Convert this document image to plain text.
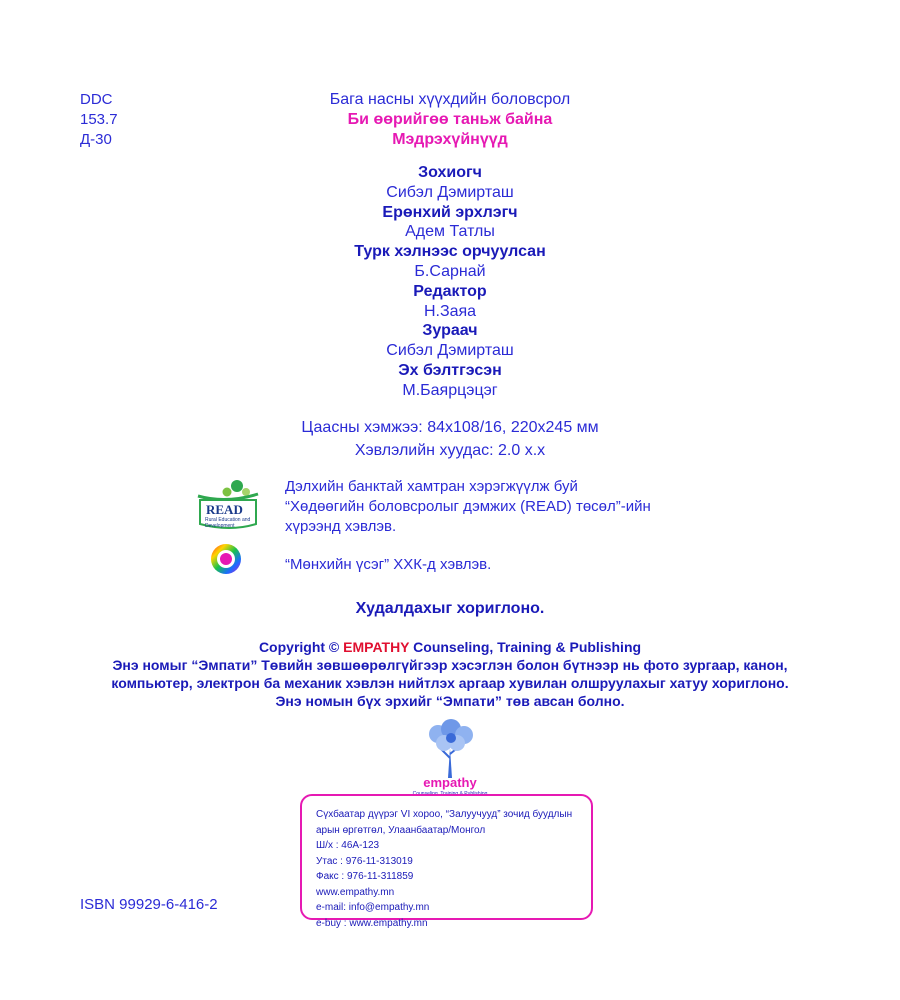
DDC
153.7
Д-30
Бага насны хүүхдийн боловсрол
Би өөрийгөө таньж байна
Мэдрэхүйнүүд
Зохиогч
Сибэл Дэмирташ
Ерөнхий эрхлэгч
Адем Татлы
Турк хэлнээс орчуулсан
Б.Сарнай
Редактор
Н.Заяа
Зураач
Сибэл Дэмирташ
Эх бэлтгэсэн
М.Баярцэцэг
Цаасны хэмжээ: 84x108/16, 220x245 мм
Хэвлэлийн хуудас: 2.0 х.х
READ
Rural Education and Development
Дэлхийн банктай хамтран хэрэгжүүлж буй
“Хөдөөгийн боловсролыг дэмжих (READ) төсөл”-ийн
хүрээнд хэвлэв.
“Мөнхийн үсэг” ХХК-д хэвлэв.
Худалдахыг хориглоно.
Copyright © EMPATHY Counseling, Training & Publishing
Энэ номыг “Эмпати” Төвийн зөвшөөрөлгүйгээр хэсэглэн болон бүтнээр нь фото зургаар, канон,
компьютер, электрон ба механик хэвлэн нийтлэх аргаар хувилан олшруулахыг хатуу хориглоно.
Энэ номын бүх эрхийг “Эмпати” төв авсан болно.
empathy
Counseling, Training & Publishing
Сүхбаатар дүүрэг VI хороо, “Залуучууд” зочид буудлын
арын өргөтгөл, Улаанбаатар/Монгол
Ш/х : 46А-123
Утас : 976-11-313019
Факс : 976-11-311859
www.empathy.mn
e-mail: info@empathy.mn
e-buy : www.empathy.mn
ISBN 99929-6-416-2
